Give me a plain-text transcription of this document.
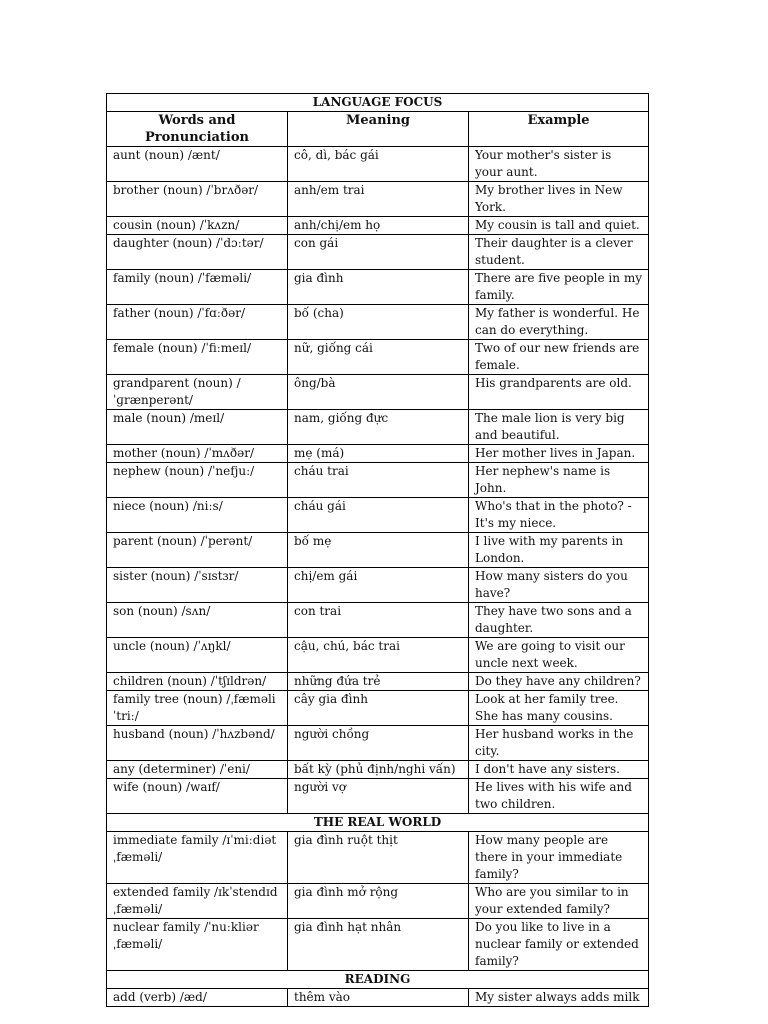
LANGUAGE FOCUS		
Words and Pronunciation	Meaning	Example
aunt (noun) /ænt/	cô, dì, bác gái	Your mother's sister is your aunt.
brother (noun) /ˈbrʌðər/	anh/em trai	My brother lives in New York.
cousin (noun) /ˈkʌzn/	anh/chị/em họ	My cousin is tall and quiet.
daughter (noun) /ˈdɔːtər/	con gái	Their daughter is a clever student.
family (noun) /ˈfæməli/	gia đình	There are five people in my family.
father (noun) /ˈfɑːðər/	bố (cha)	My father is wonderful. He can do everything.
female (noun) /ˈfiːmeɪl/	nữ, giống cái	Two of our new friends are female.
grandparent (noun) /ˈɡrænperənt/	ông/bà	His grandparents are old.
male (noun) /meɪl/	nam, giống đực	The male lion is very big and beautiful.
mother (noun) /ˈmʌðər/	mẹ (má)	Her mother lives in Japan.
nephew (noun) /ˈnefjuː/	cháu trai	Her nephew's name is John.
niece (noun) /niːs/	cháu gái	Who's that in the photo? - It's my niece.
parent (noun) /ˈperənt/	bố mẹ	I live with my parents in London.
sister (noun) /ˈsɪstɜr/	chị/em gái	How many sisters do you have?
son (noun) /sʌn/	con trai	They have two sons and a daughter.
uncle (noun) /ˈʌŋkl/	cậu, chú, bác trai	We are going to visit our uncle next week.
children (noun) /ˈtʃɪldrən/	những đứa trẻ	Do they have any children?
family tree (noun) /ˌfæməli ˈtriː/	cây gia đình	Look at her family tree. She has many cousins.
husband (noun) /ˈhʌzbənd/	người chồng	Her husband works in the city.
any (determiner) /ˈeni/	bất kỳ (phủ định/nghi vấn)	I don't have any sisters.
wife (noun) /waɪf/	người vợ	He lives with his wife and two children.
THE REAL WORLD		
immediate family /ɪˈmiːdiət ˌfæməli/	gia đình ruột thịt	How many people are there in your immediate family?
extended family /ɪkˈstendɪd ˌfæməli/	gia đình mở rộng	Who are you similar to in your extended family?
nuclear family /ˈnuːkliər ˌfæməli/	gia đình hạt nhân	Do you like to live in a nuclear family or extended family?
READING		
add (verb) /æd/	thêm vào	My sister always adds milk
